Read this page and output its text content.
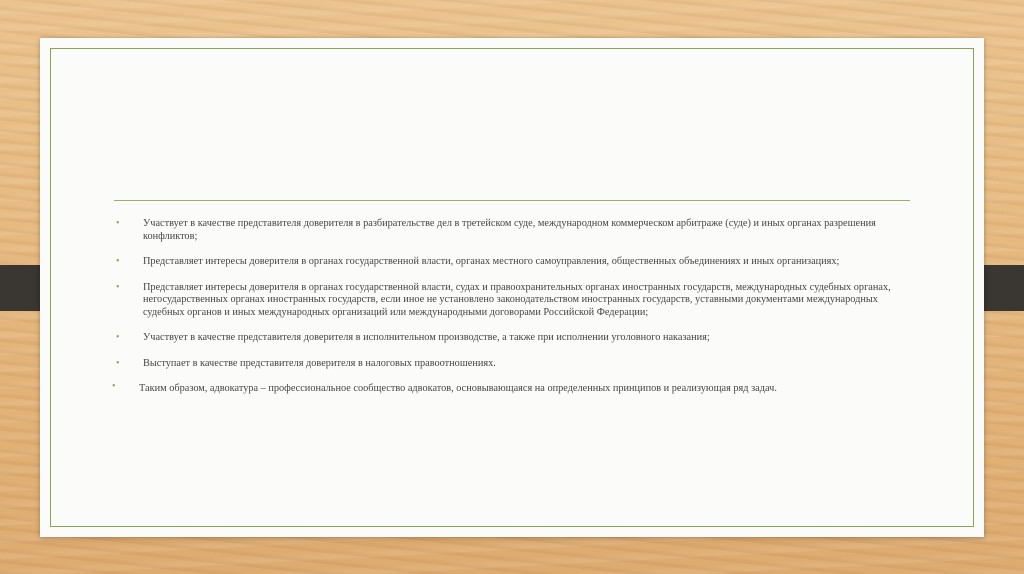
• Участвует в качестве представителя доверителя в разбирательстве дел в третейском суде, международном коммерческом арбитраже (суде) и иных органах разрешения конфликтов;
• Представляет интересы доверителя в органах государственной власти, органах местного самоуправления, общественных объединениях и иных организациях;
• Представляет интересы доверителя в органах государственной власти, судах и правоохранительных органах иностранных государств, международных судебных органах, негосударственных органах иностранных государств, если иное не установлено законодательством иностранных государств, уставными документами международных судебных органов и иных международных организаций или международными договорами Российской Федерации;
• Участвует в качестве представителя доверителя в исполнительном производстве, а также при исполнении уголовного наказания;
• Выступает в качестве представителя доверителя в налоговых правоотношениях.
• Таким образом, адвокатура – профессиональное сообщество адвокатов, основывающаяся на определенных принципов и реализующая ряд задач.
